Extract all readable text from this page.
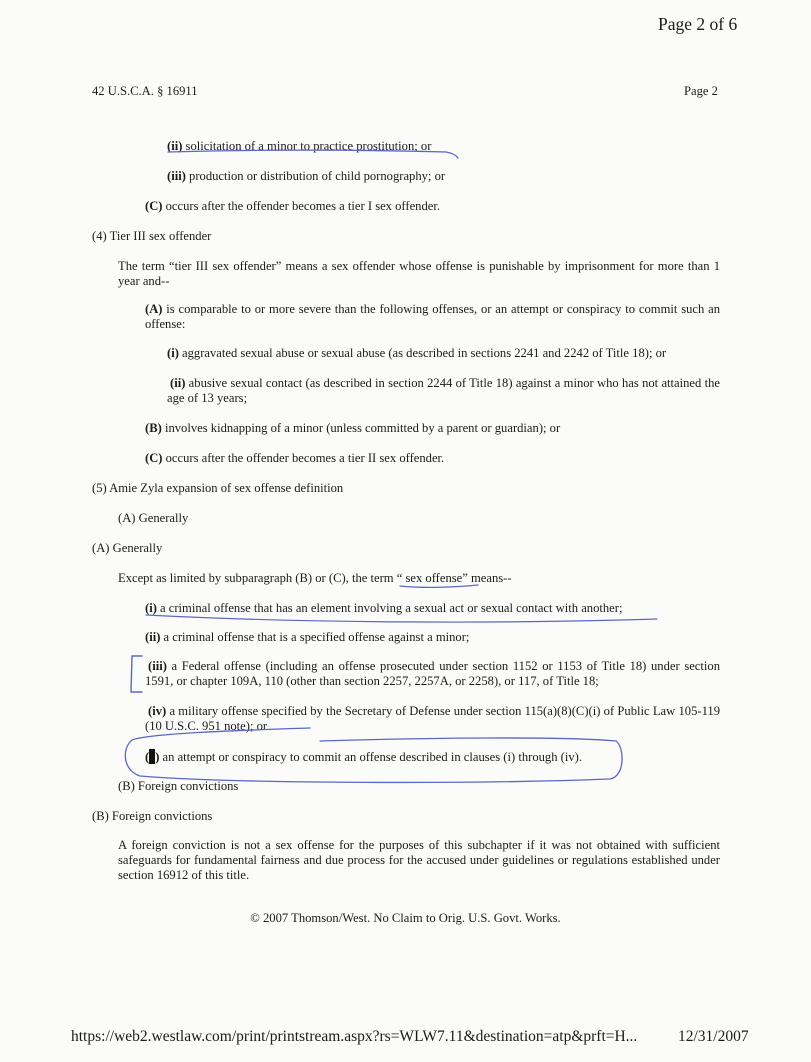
Page 2 of 6
42 U.S.C.A. § 16911	Page 2
(ii) solicitation of a minor to practice prostitution; or
(iii) production or distribution of child pornography; or
(C) occurs after the offender becomes a tier I sex offender.
(4) Tier III sex offender
The term “tier III sex offender” means a sex offender whose offense is punishable by imprisonment for more than 1 year and--
(A) is comparable to or more severe than the following offenses, or an attempt or conspiracy to commit such an offense:
(i) aggravated sexual abuse or sexual abuse (as described in sections 2241 and 2242 of Title 18); or
(ii) abusive sexual contact (as described in section 2244 of Title 18) against a minor who has not attained the age of 13 years;
(B) involves kidnapping of a minor (unless committed by a parent or guardian); or
(C) occurs after the offender becomes a tier II sex offender.
(5) Amie Zyla expansion of sex offense definition
(A) Generally
(A) Generally
Except as limited by subparagraph (B) or (C), the term “ sex offense” means--
(i) a criminal offense that has an element involving a sexual act or sexual contact with another;
(ii) a criminal offense that is a specified offense against a minor;
(iii) a Federal offense (including an offense prosecuted under section 1152 or 1153 of Title 18) under section 1591, or chapter 109A, 110 (other than section 2257, 2257A, or 2258), or 117, of Title 18;
(iv) a military offense specified by the Secretary of Defense under section 115(a)(8)(C)(i) of Public Law 105-119 (10 U.S.C. 951 note); or
( ) an attempt or conspiracy to commit an offense described in clauses (i) through (iv).
(B) Foreign convictions
(B) Foreign convictions
A foreign conviction is not a sex offense for the purposes of this subchapter if it was not obtained with sufficient safeguards for fundamental fairness and due process for the accused under guidelines or regulations established under section 16912 of this title.
© 2007 Thomson/West. No Claim to Orig. U.S. Govt. Works.
https://web2.westlaw.com/print/printstream.aspx?rs=WLW7.11&destination=atp&prft=H...	12/31/2007
